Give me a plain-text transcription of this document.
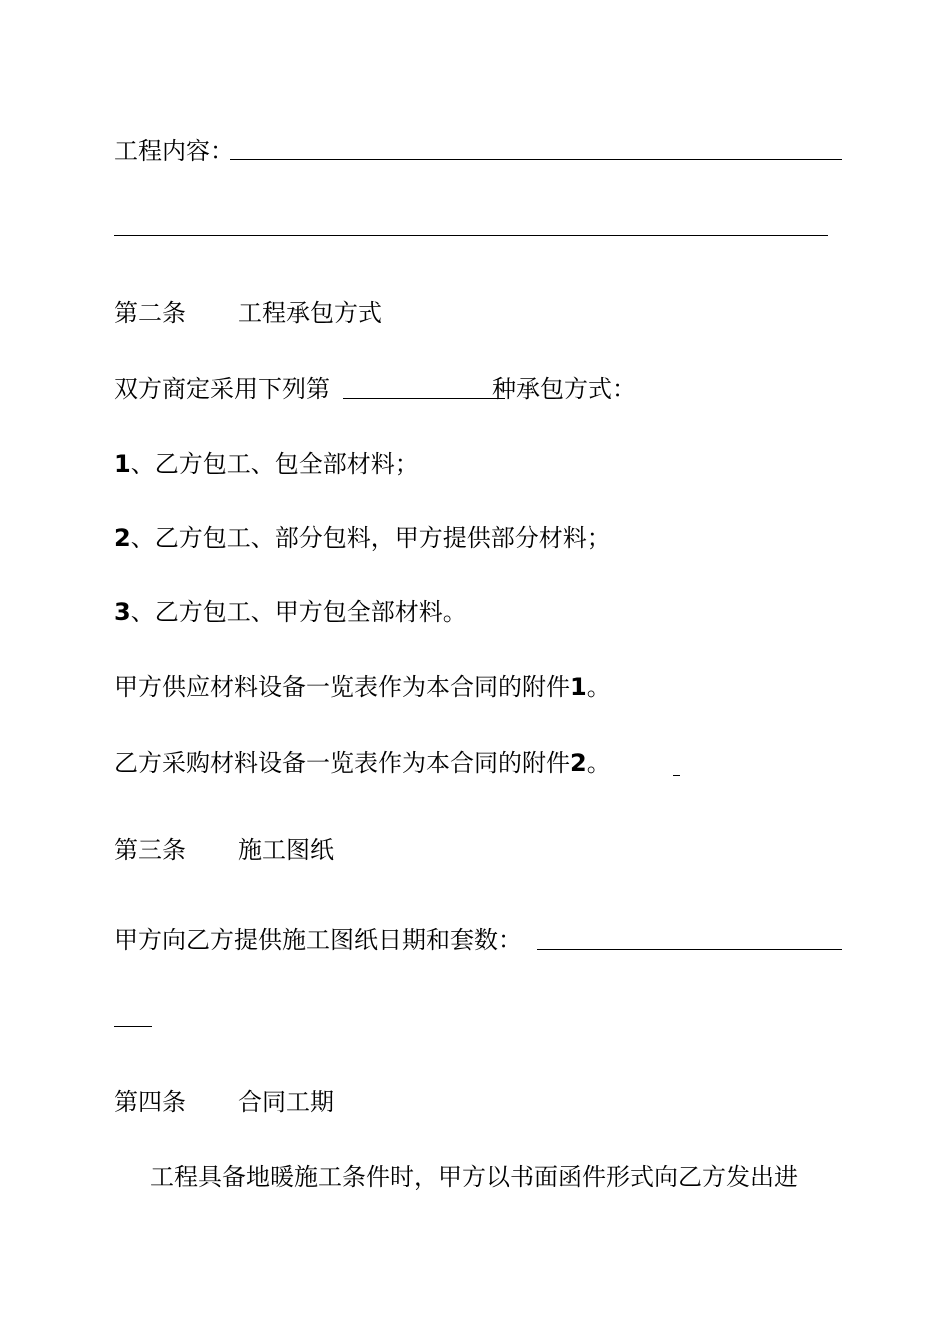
工程内容：
第二条 工程承包方式
双方商定采用下列第	种承包方式：
1、乙方包工、包全部材料；
2、乙方包工、部分包料，甲方提供部分材料；
3、乙方包工、甲方包全部材料。
甲方供应材料设备一览表作为本合同的附件1。
乙方采购材料设备一览表作为本合同的附件2。
第三条 施工图纸
甲方向乙方提供施工图纸日期和套数：
第四条 合同工期
工程具备地暖施工条件时，甲方以书面函件形式向乙方发出进
